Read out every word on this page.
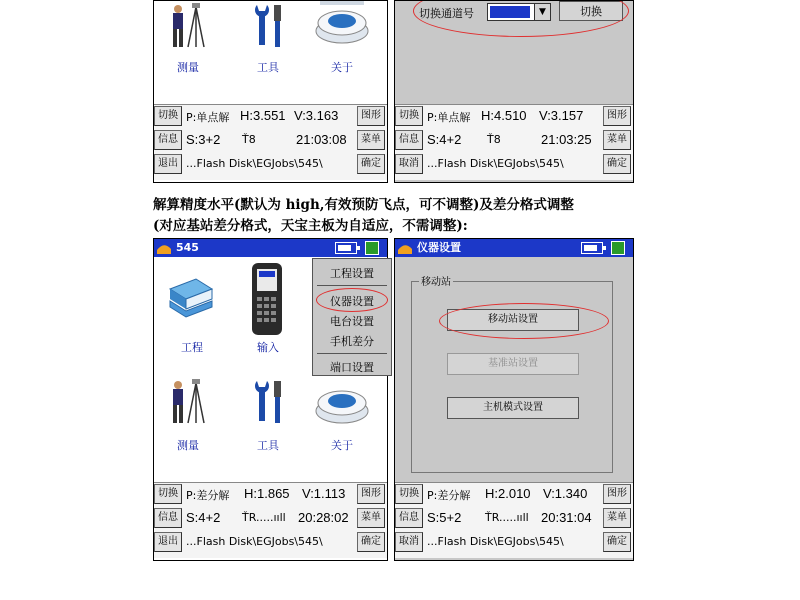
测量	工具	关于
切换
信息
退出
图形
菜单
确定
P:单点解 H:3.551 V:3.163
S:3+2 Ť8	21:03:08
...Flash Disk\EGJobs\545\
切换通道号	▼	切换
切换
信息
取消
图形
菜单
确定
P:单点解 H:4.510 V:3.157
S:4+2 Ť8	21:03:25
...Flash Disk\EGJobs\545\
解算精度水平(默认为 high,有效预防飞点，可不调整)及差分格式调整
(对应基站差分格式，天宝主板为自适应，不需调整):
545
工程	输入
测量	工具	关于
切换
信息
退出
图形
菜单
确定
P:差分解 H:1.865 V:1.113
S:4+2 ŤR.....ııll 20:28:02
...Flash Disk\EGJobs\545\
工程设置
仪器设置
电台设置
手机差分
端口设置
仪器设置
移动站
移动站设置
基准站设置
主机模式设置
切换
信息
取消
图形
菜单
确定
P:差分解 H:2.010 V:1.340
S:5+2 ŤR.....ııll 20:31:04
...Flash Disk\EGJobs\545\
